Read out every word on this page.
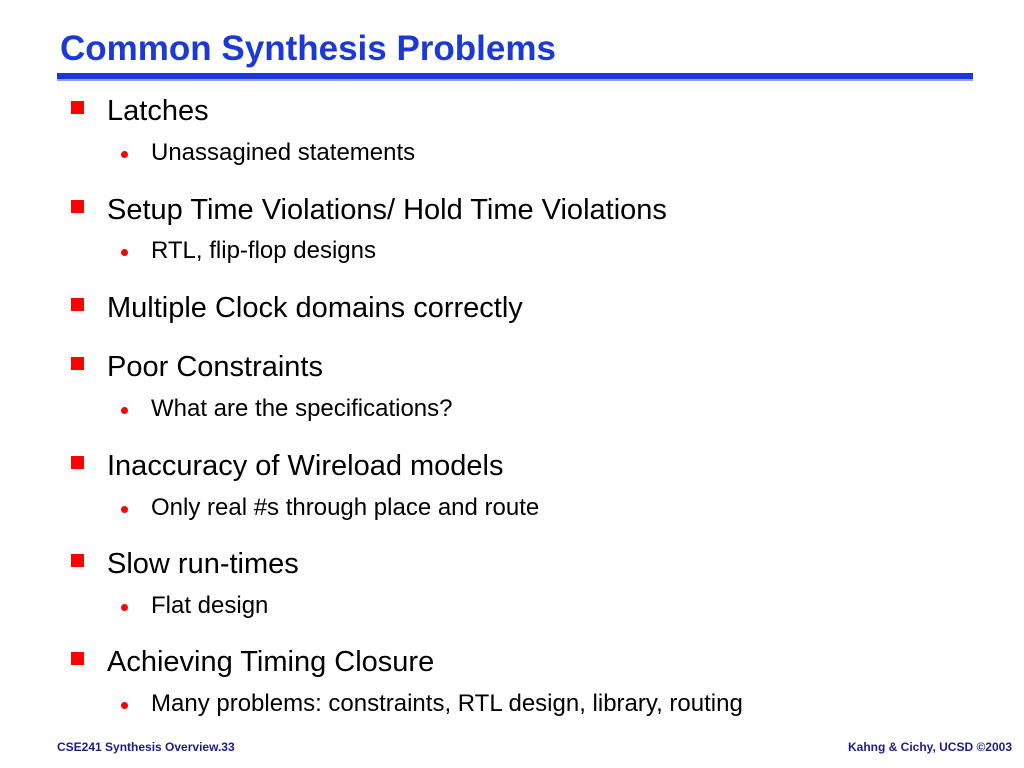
Common Synthesis Problems
Latches
Unassagined statements
Setup Time Violations/ Hold Time Violations
RTL, flip-flop designs
Multiple Clock domains correctly
Poor Constraints
What are the specifications?
Inaccuracy of Wireload models
Only real #s through place and route
Slow run-times
Flat design
Achieving Timing Closure
Many problems: constraints, RTL design, library, routing
CSE241 Synthesis Overview.33	Kahng & Cichy, UCSD ©2003
